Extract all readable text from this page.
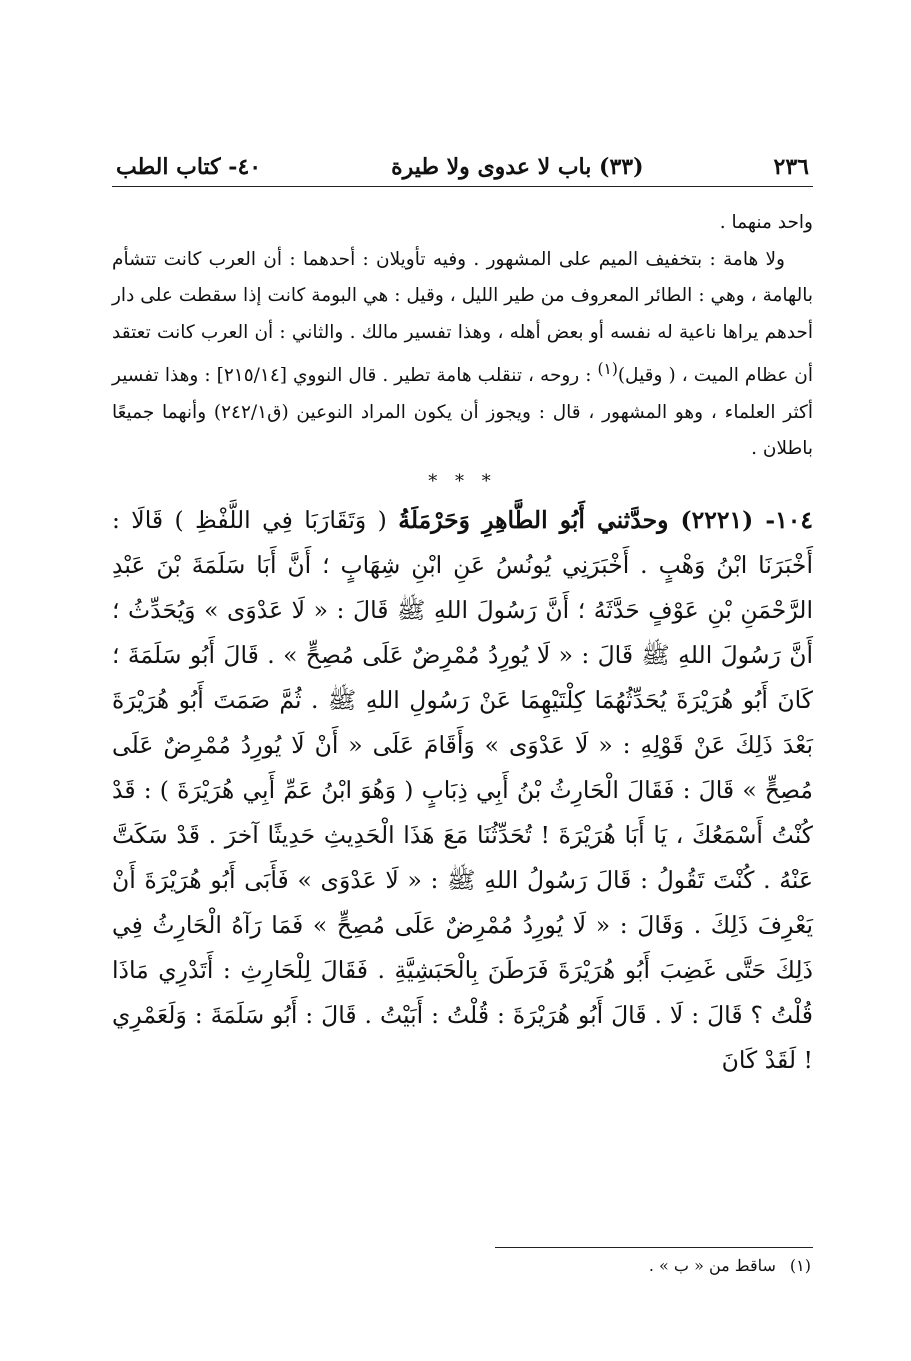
٢٣٦
(٣٣) باب لا عدوى ولا طيرة
٤٠- كتاب الطب

واحد منهما .

ولا هامة : بتخفيف الميم على المشهور . وفيه تأويلان : أحدهما : أن العرب كانت تتشأم بالهامة ، وهي : الطائر المعروف من طير الليل ، وقيل : هي البومة كانت إذا سقطت على دار أحدهم يراها ناعية له نفسه أو بعض أهله ، وهذا تفسير مالك . والثاني : أن العرب كانت تعتقد أن عظام الميت ، ( وقيل)$^{(١)}$ : روحه ، تنقلب هامة تطير . قال النووي [٢١٥/١٤] : وهذا تفسير أكثر العلماء ، وهو المشهور ، قال : ويجوز أن يكون المراد النوعين (ق٢٤٢/١) وأنهما جميعًا باطلان .

* * *

١٠٤- (٢٢٢١) وحدَّثني أَبُو الطَّاهِرِ وَحَرْمَلَةُ ( وَتَقَارَبَا فِي اللَّفْظِ ) قَالَا : أَخْبَرَنَا ابْنُ وَهْبٍ . أَخْبَرَنِي يُونُسُ عَنِ ابْنِ شِهَابٍ ؛ أَنَّ أَبَا سَلَمَةَ بْنَ عَبْدِ الرَّحْمَنِ بْنِ عَوْفٍ حَدَّثَهُ ؛ أَنَّ رَسُولَ اللهِ ﷺ قَالَ : « لَا عَدْوَى » وَيُحَدِّثُ ؛ أَنَّ رَسُولَ اللهِ ﷺ قَالَ : « لَا يُورِدُ مُمْرِضٌ عَلَى مُصِحٍّ » . قَالَ أَبُو سَلَمَةَ ؛ كَانَ أَبُو هُرَيْرَةَ يُحَدِّثُهُمَا كِلْتَيْهِمَا عَنْ رَسُولِ اللهِ ﷺ . ثُمَّ صَمَتَ أَبُو هُرَيْرَةَ بَعْدَ ذَلِكَ عَنْ قَوْلِهِ : « لَا عَدْوَى » وَأَقَامَ عَلَى « أَنْ لَا يُورِدُ مُمْرِضٌ عَلَى مُصِحٍّ » قَالَ : فَقَالَ الْحَارِثُ بْنُ أَبِي ذِبَابٍ ( وَهُوَ ابْنُ عَمِّ أَبِي هُرَيْرَةَ ) : قَدْ كُنْتُ أَسْمَعُكَ ، يَا أَبَا هُرَيْرَةَ ! تُحَدِّثُنَا مَعَ هَذَا الْحَدِيثِ حَدِيثًا آخرَ . قَدْ سَكَتَّ عَنْهُ . كُنْتَ تَقُولُ : قَالَ رَسُولُ اللهِ ﷺ : « لَا عَدْوَى » فَأَبَى أَبُو هُرَيْرَةَ أَنْ يَعْرِفَ ذَلِكَ . وَقَالَ : « لَا يُورِدُ مُمْرِضٌ عَلَى مُصِحٍّ » فَمَا رَآهُ الْحَارِثُ فِي ذَلِكَ حَتَّى غَضِبَ أَبُو هُرَيْرَةَ فَرَطَنَ بِالْحَبَشِيَّةِ . فَقَالَ لِلْحَارِثِ : أَتَدْرِي مَاذَا قُلْتُ ؟ قَالَ : لَا . قَالَ أَبُو هُرَيْرَةَ : قُلْتُ : أَبَيْتُ . قَالَ : أَبُو سَلَمَةَ : وَلَعَمْرِي ! لَقَدْ كَانَ

(١)ساقط من « ب » .
